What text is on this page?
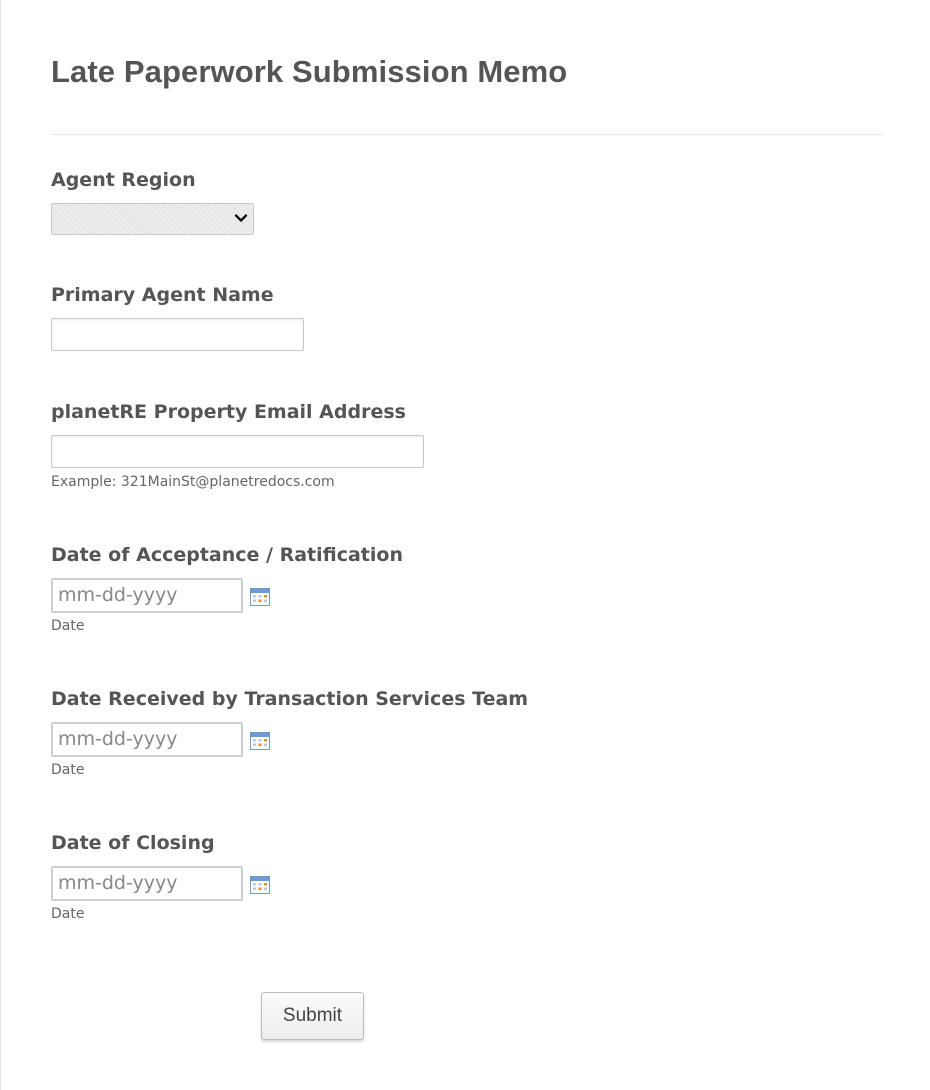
Late Paperwork Submission Memo
Agent Region
Primary Agent Name
planetRE Property Email Address
Example: 321MainSt@planetredocs.com
Date of Acceptance / Ratification
mm-dd-yyyy
Date
Date Received by Transaction Services Team
mm-dd-yyyy
Date
Date of Closing
mm-dd-yyyy
Date
Submit
